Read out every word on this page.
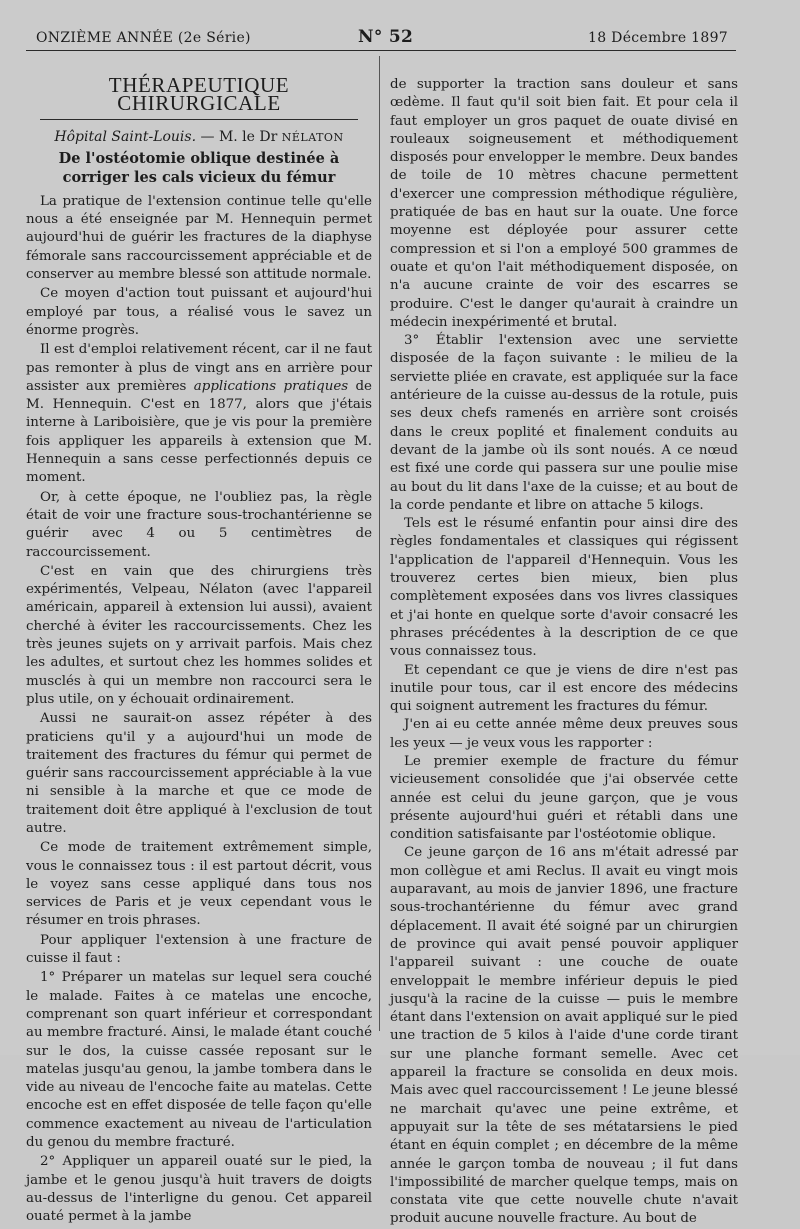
ONZIÈME ANNÉE (2e Série)	N° 52	18 Décembre 1897
THÉRAPEUTIQUE CHIRURGICALE
Hôpital Saint-Louis. — M. le Dr NÉLATON
De l'ostéotomie oblique destinée à corriger les cals vicieux du fémur

La pratique de l'extension continue telle qu'elle nous a été enseignée par M. Hennequin permet aujourd'hui de guérir les fractures de la diaphyse fémorale sans raccourcissement appréciable et de conserver au membre blessé son attitude normale.

Ce moyen d'action tout puissant et aujourd'hui employé par tous, a réalisé vous le savez un énorme progrès.

Il est d'emploi relativement récent, car il ne faut pas remonter à plus de vingt ans en arrière pour assister aux premières applications pratiques de M. Hennequin. C'est en 1877, alors que j'étais interne à Lariboisière, que je vis pour la première fois appliquer les appareils à extension que M. Hennequin a sans cesse perfectionnés depuis ce moment.

Or, à cette époque, ne l'oubliez pas, la règle était de voir une fracture sous-trochantérienne se guérir avec 4 ou 5 centimètres de raccourcissement.

C'est en vain que des chirurgiens très expérimentés, Velpeau, Nélaton (avec l'appareil américain, appareil à extension lui aussi), avaient cherché à éviter les raccourcissements. Chez les très jeunes sujets on y arrivait parfois. Mais chez les adultes, et surtout chez les hommes solides et musclés à qui un membre non raccourci sera le plus utile, on y échouait ordinairement.

Aussi ne saurait-on assez répéter à des praticiens qu'il y a aujourd'hui un mode de traitement des fractures du fémur qui permet de guérir sans raccourcissement appréciable à la vue ni sensible à la marche et que ce mode de traitement doit être appliqué à l'exclusion de tout autre.

Ce mode de traitement extrêmement simple, vous le connaissez tous : il est partout décrit, vous le voyez sans cesse appliqué dans tous nos services de Paris et je veux cependant vous le résumer en trois phrases.

Pour appliquer l'extension à une fracture de cuisse il faut :

1° Préparer un matelas sur lequel sera couché le malade. Faites à ce matelas une encoche, comprenant son quart inférieur et correspondant au membre fracturé. Ainsi, le malade étant couché sur le dos, la cuisse cassée reposant sur le matelas jusqu'au genou, la jambe tombera dans le vide au niveau de l'encoche faite au matelas. Cette encoche est en effet disposée de telle façon qu'elle commence exactement au niveau de l'articulation du genou du membre fracturé.

2° Appliquer un appareil ouaté sur le pied, la jambe et le genou jusqu'à huit travers de doigts au-dessus de l'interligne du genou. Cet appareil ouaté permet à la jambe

de supporter la traction sans douleur et sans œdème. Il faut qu'il soit bien fait. Et pour cela il faut employer un gros paquet de ouate divisé en rouleaux soigneusement et méthodiquement disposés pour envelopper le membre. Deux bandes de toile de 10 mètres chacune permettent d'exercer une compression méthodique régulière, pratiquée de bas en haut sur la ouate. Une force moyenne est déployée pour assurer cette compression et si l'on a employé 500 grammes de ouate et qu'on l'ait méthodiquement disposée, on n'a aucune crainte de voir des escarres se produire. C'est le danger qu'aurait à craindre un médecin inexpérimenté et brutal.

3° Établir l'extension avec une serviette disposée de la façon suivante : le milieu de la serviette pliée en cravate, est appliquée sur la face antérieure de la cuisse au-dessus de la rotule, puis ses deux chefs ramenés en arrière sont croisés dans le creux poplité et finalement conduits au devant de la jambe où ils sont noués. A ce nœud est fixé une corde qui passera sur une poulie mise au bout du lit dans l'axe de la cuisse; et au bout de la corde pendante et libre on attache 5 kilogs.

Tels est le résumé enfantin pour ainsi dire des règles fondamentales et classiques qui régissent l'application de l'appareil d'Hennequin. Vous les trouverez certes bien mieux, bien plus complètement exposées dans vos livres classiques et j'ai honte en quelque sorte d'avoir consacré les phrases précédentes à la description de ce que vous connaissez tous.

Et cependant ce que je viens de dire n'est pas inutile pour tous, car il est encore des médecins qui soignent autrement les fractures du fémur.

J'en ai eu cette année même deux preuves sous les yeux — je veux vous les rapporter :

Le premier exemple de fracture du fémur vicieusement consolidée que j'ai observée cette année est celui du jeune garçon, que je vous présente aujourd'hui guéri et rétabli dans une condition satisfaisante par l'ostéotomie oblique.

Ce jeune garçon de 16 ans m'était adressé par mon collègue et ami Reclus. Il avait eu vingt mois auparavant, au mois de janvier 1896, une fracture sous-trochantérienne du fémur avec grand déplacement. Il avait été soigné par un chirurgien de province qui avait pensé pouvoir appliquer l'appareil suivant : une couche de ouate enveloppait le membre inférieur depuis le pied jusqu'à la racine de la cuisse — puis le membre étant dans l'extension on avait appliqué sur le pied une traction de 5 kilos à l'aide d'une corde tirant sur une planche formant semelle. Avec cet appareil la fracture se consolida en deux mois. Mais avec quel raccourcissement ! Le jeune blessé ne marchait qu'avec une peine extrême, et appuyait sur la tête de ses métatarsiens le pied étant en équin complet ; en décembre de la même année le garçon tomba de nouveau ; il fut dans l'impossibilité de marcher quelque temps, mais on constata vite que cette nouvelle chute n'avait produit aucune nouvelle fracture. Au bout de
